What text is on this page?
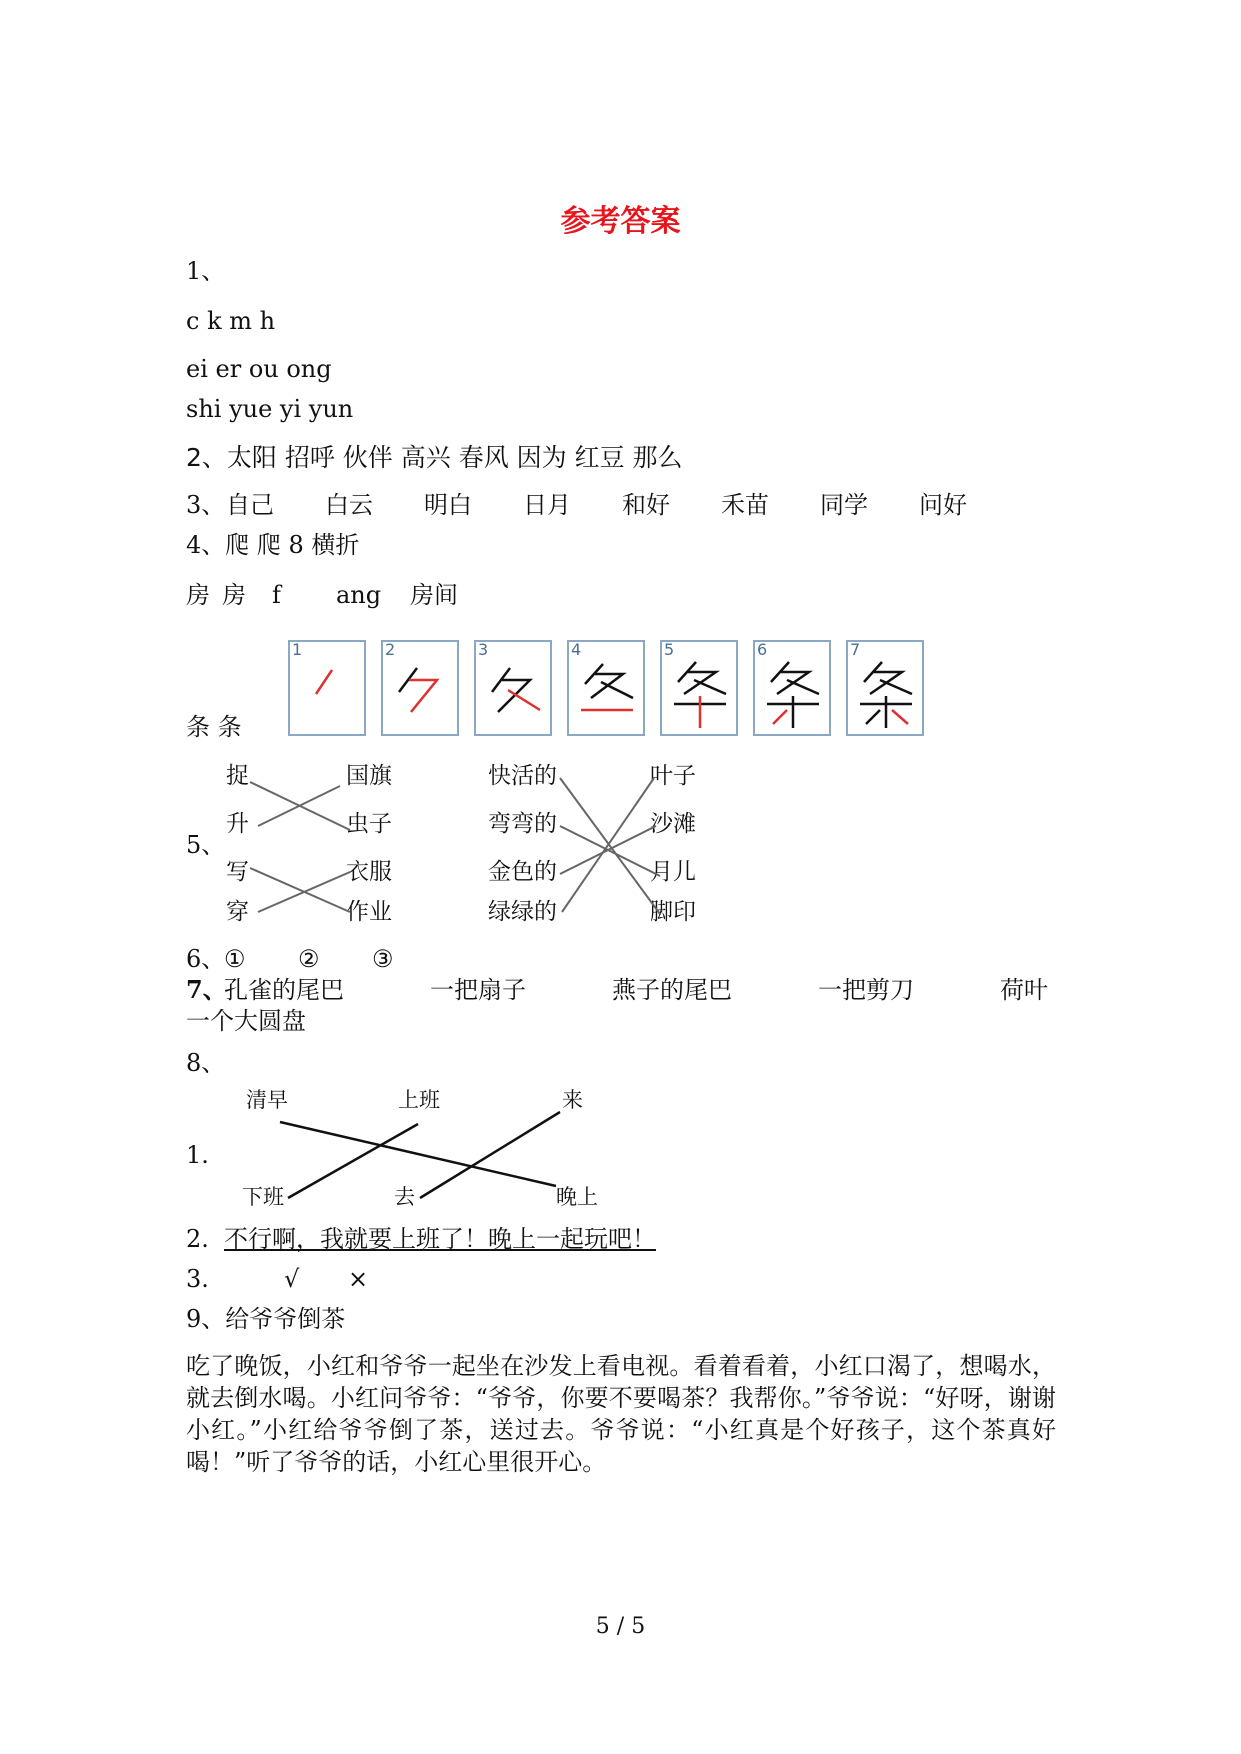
参考答案
1、
c k m h
ei er ou ong
shi yue yi yun
2、太阳 招呼 伙伴 高兴 春风 因为 红豆 那么
3、 自己 白云 明白 日月 和好 禾苗 同学 问好
4、爬 爬 8 横折
房 房 f ang 房间
条 条
1	2	3	4	5	6	7
5、
捉
升
写
穿
国旗
虫子
衣服
作业
快活的
弯弯的
金色的
绿绿的
叶子
沙滩
月儿
脚印
6、
① ② ③
7、
孔雀的尾巴	一把扇子	燕子的尾巴	一把剪刀	荷叶
一个大圆盘
8、
1.
清早	上班	来
下班	去	晚上
2. 不行啊，我就要上班了！晚上一起玩吧！
3.	√ ×
9、给爷爷倒茶
吃了晚饭，小红和爷爷一起坐在沙发上看电视。看着看着，小红口渴了，想喝水，就去倒水喝。小红问爷爷：“爷爷，你要不要喝茶？我帮你。”爷爷说：“好呀，谢谢小红。”小红给爷爷倒了茶，送过去。爷爷说：“小红真是个好孩子，这个茶真好喝！”听了爷爷的话，小红心里很开心。
5 / 5
